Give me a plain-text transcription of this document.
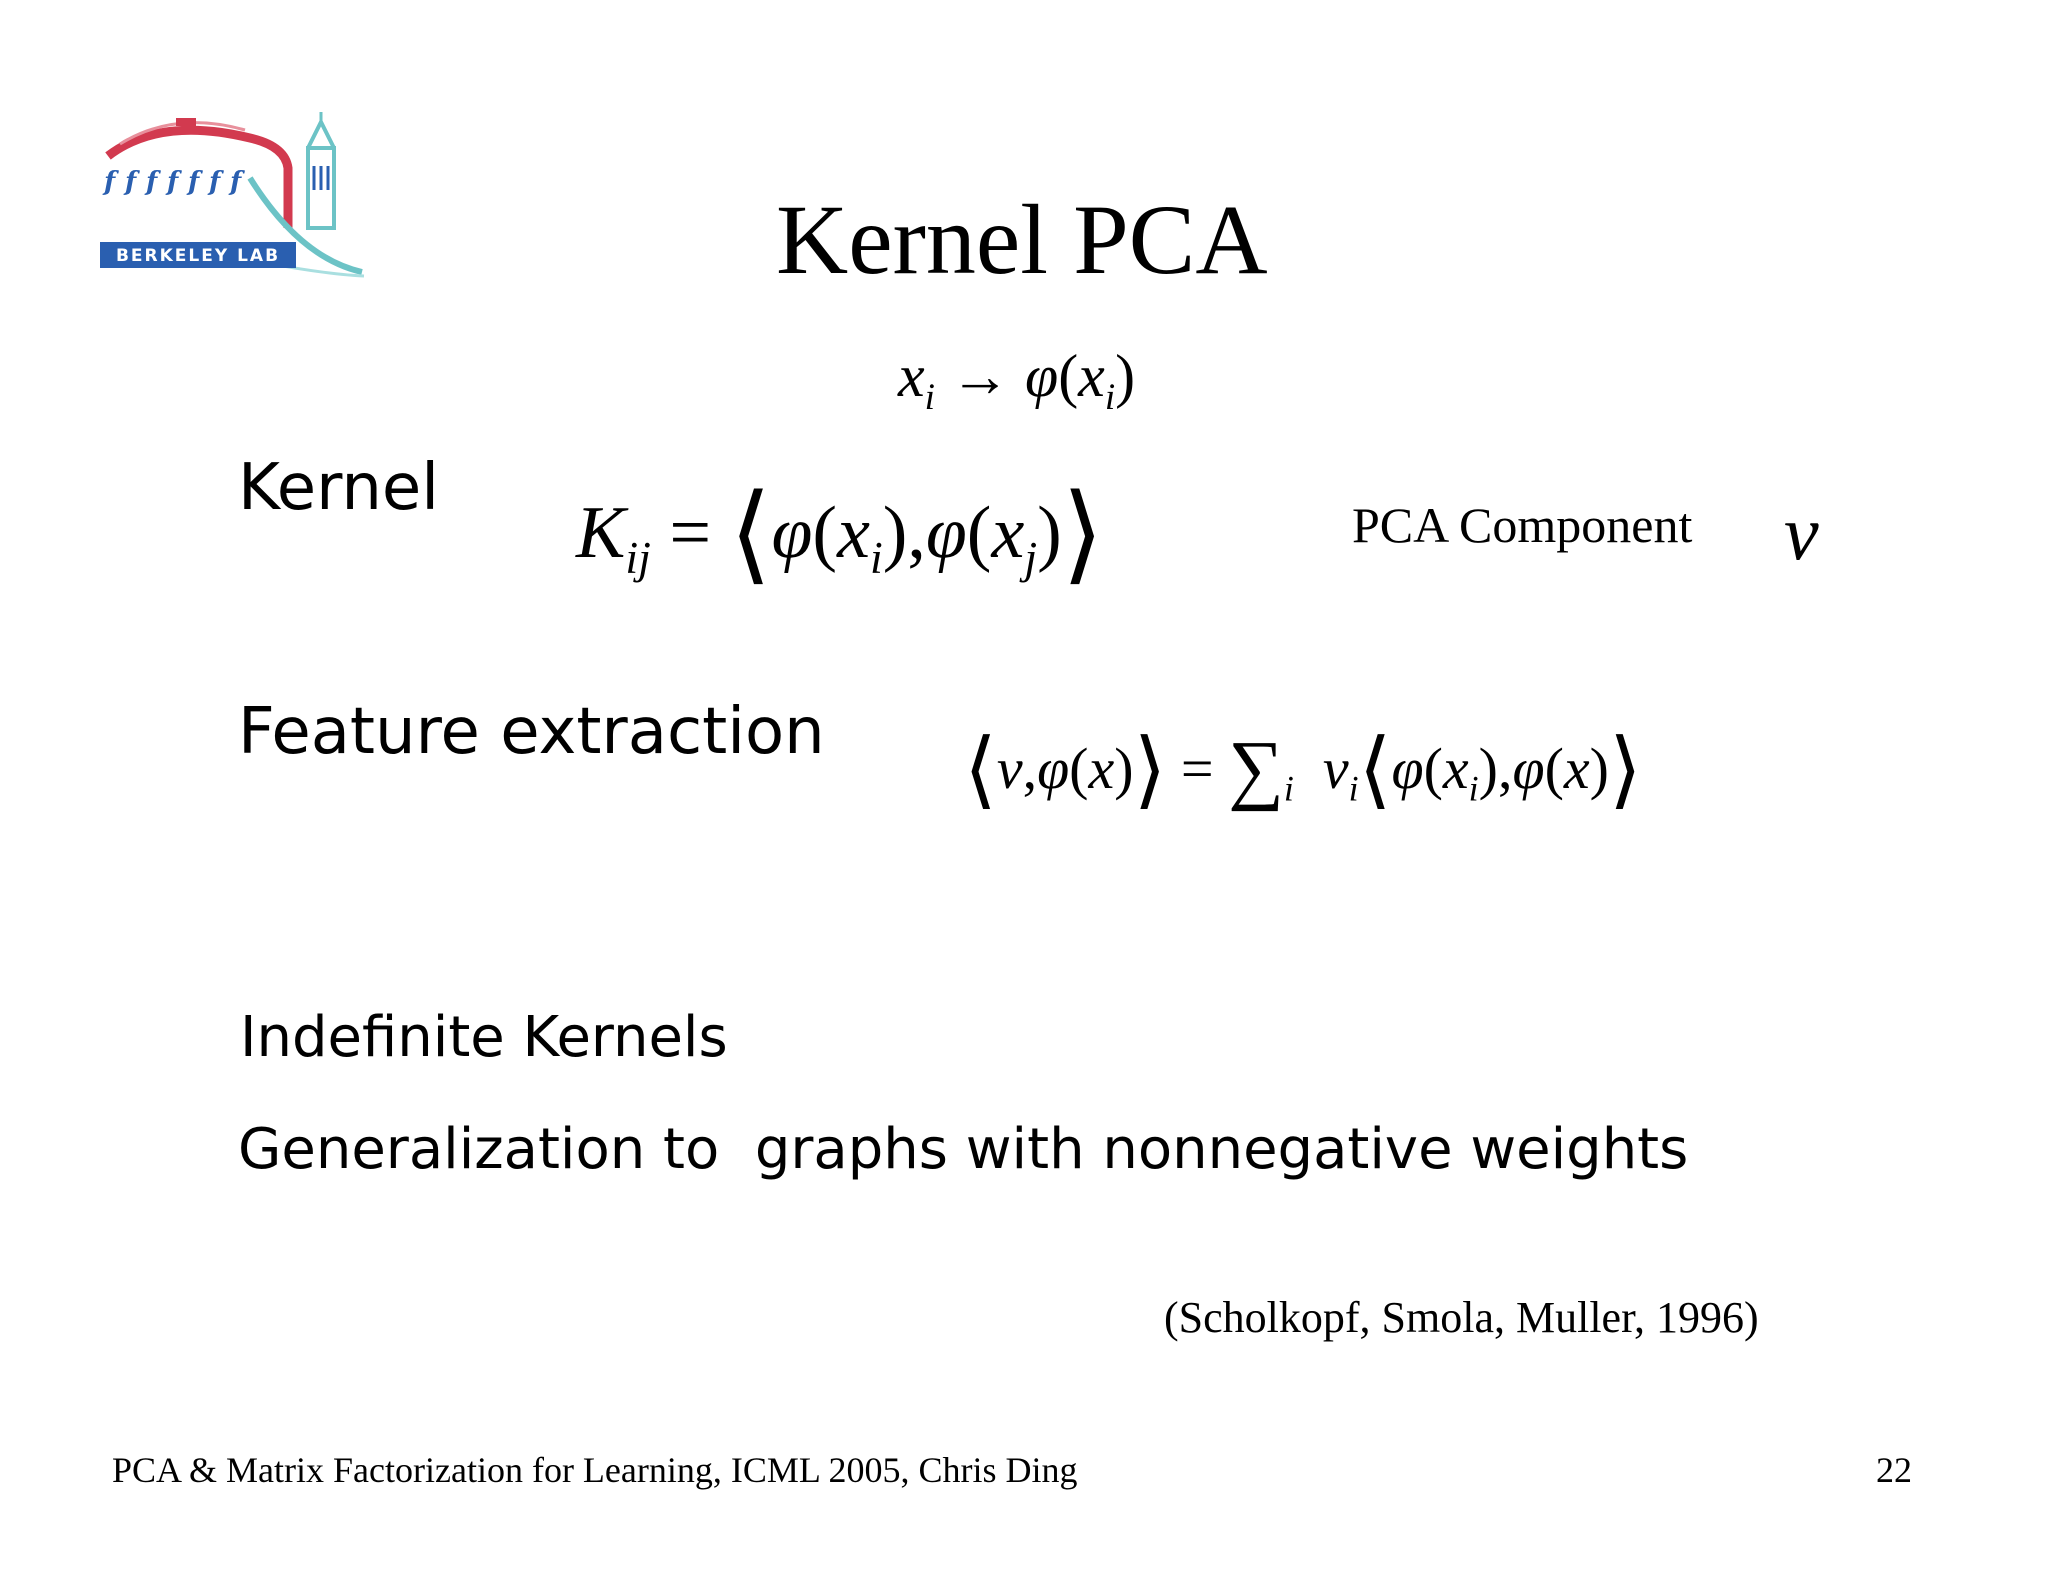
f f f f f f f
BERKELEY LAB	Kernel PCA
$x_i \to \varphi(x_i)$
Kernel
$K_{ij}$ = $⟨\varphi(x_i),\varphi(x_j)⟩$	PCA Component v
Feature extraction ⟨v,φ(x)⟩ = $\sum_i$ $v_i⟨\varphi(x_i),\varphi(x)⟩$
Indefinite Kernels
Generalization to  graphs with nonnegative weights
(Scholkopf, Smola, Muller, 1996)
PCA & Matrix Factorization for Learning, ICML 2005, Chris Ding	22
